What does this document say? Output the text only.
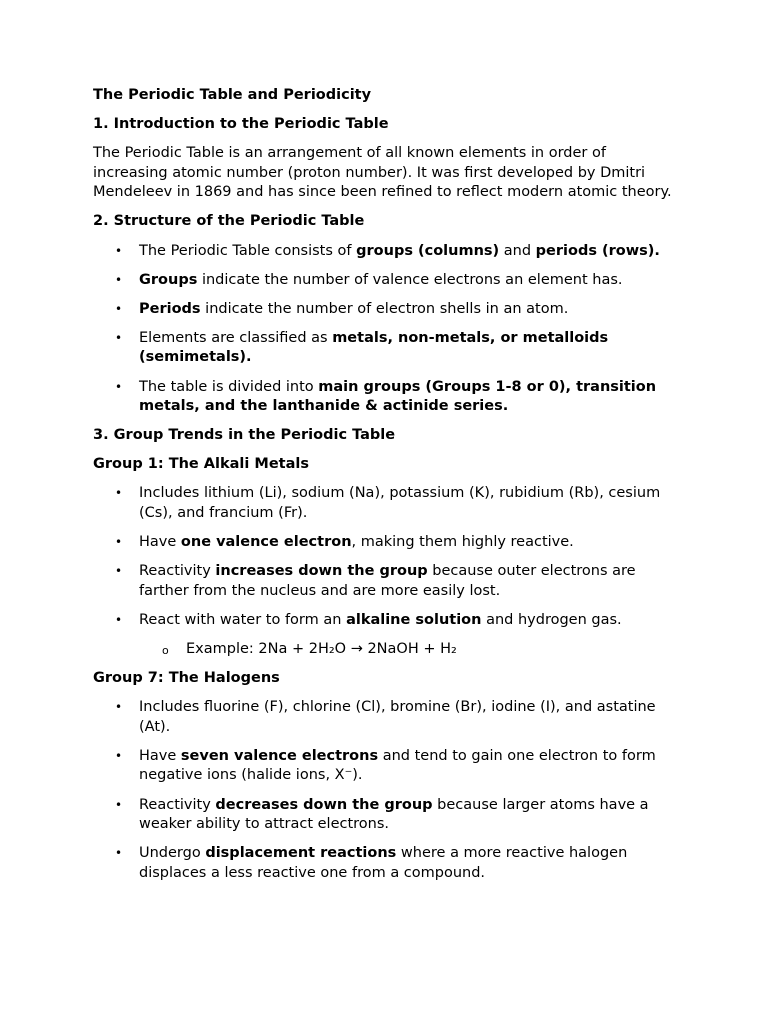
The Periodic Table and Periodicity
1. Introduction to the Periodic Table

The Periodic Table is an arrangement of all known elements in order of increasing atomic number (proton number). It was first developed by Dmitri Mendeleev in 1869 and has since been refined to reflect modern atomic theory.

2. Structure of the Periodic Table
• The Periodic Table consists of groups (columns) and periods (rows).
• Groups indicate the number of valence electrons an element has.
• Periods indicate the number of electron shells in an atom.
• Elements are classified as metals, non-metals, or metalloids (semimetals).
• The table is divided into main groups (Groups 1-8 or 0), transition metals, and the lanthanide & actinide series.
3. Group Trends in the Periodic Table
Group 1: The Alkali Metals
• Includes lithium (Li), sodium (Na), potassium (K), rubidium (Rb), cesium (Cs), and francium (Fr).
• Have one valence electron, making them highly reactive.
• Reactivity increases down the group because outer electrons are farther from the nucleus and are more easily lost.
• React with water to form an alkaline solution and hydrogen gas.
o Example: 2Na + 2H₂O → 2NaOH + H₂
Group 7: The Halogens
• Includes fluorine (F), chlorine (Cl), bromine (Br), iodine (I), and astatine (At).
• Have seven valence electrons and tend to gain one electron to form negative ions (halide ions, X⁻).
• Reactivity decreases down the group because larger atoms have a weaker ability to attract electrons.
• Undergo displacement reactions where a more reactive halogen displaces a less reactive one from a compound.
